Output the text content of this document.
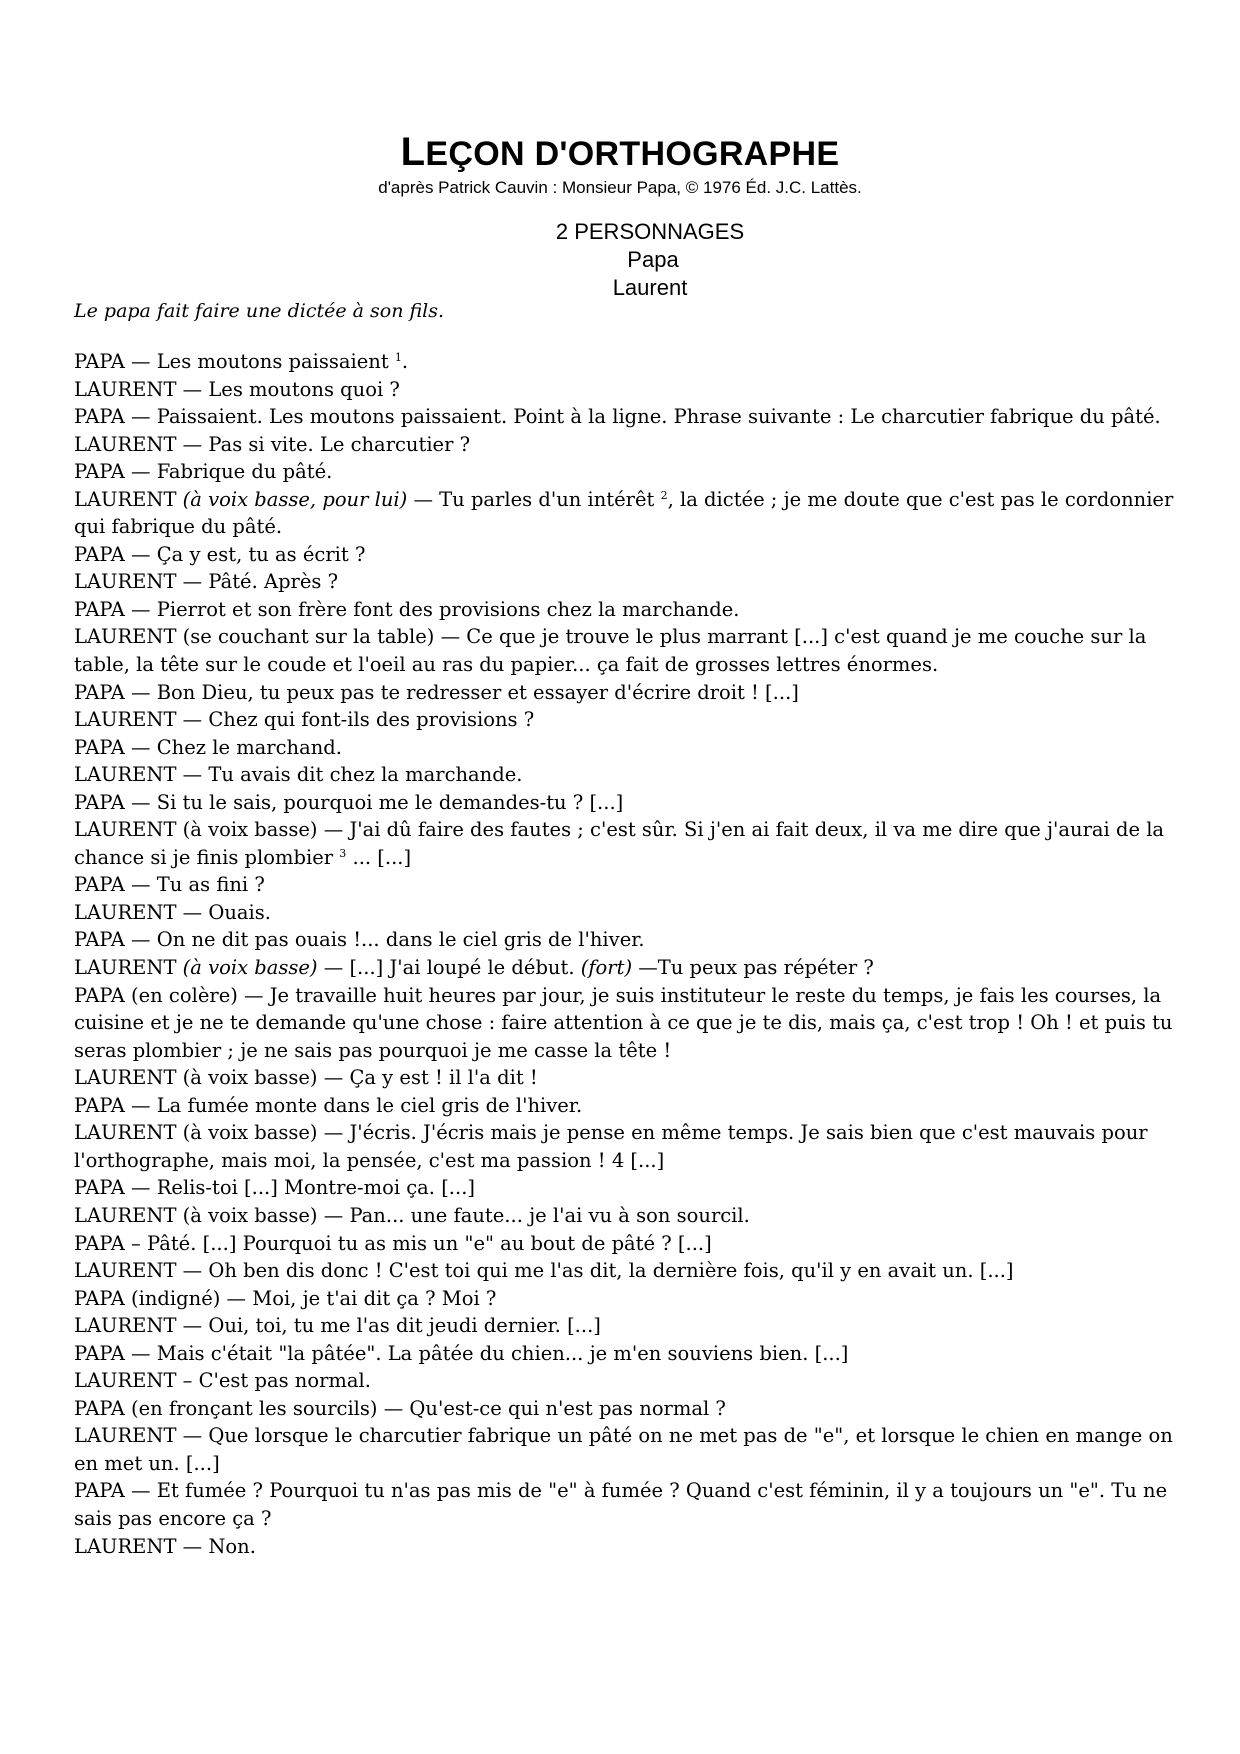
LEÇON D'ORTHOGRAPHE
d'après Patrick Cauvin : Monsieur Papa, © 1976 Éd. J.C. Lattès.
2 PERSONNAGES
Papa
Laurent
Le papa fait faire une dictée à son fils.

PAPA — Les moutons paissaient $^1$.

LAURENT — Les moutons quoi ?

PAPA — Paissaient. Les moutons paissaient. Point à la ligne. Phrase suivante : Le charcutier fabrique du pâté.

LAURENT — Pas si vite. Le charcutier ?

PAPA — Fabrique du pâté.

LAURENT (à voix basse, pour lui) — Tu parles d'un intérêt $^2$, la dictée ; je me doute que c'est pas le cordonnier qui fabrique du pâté.

PAPA — Ça y est, tu as écrit ?

LAURENT — Pâté. Après ?

PAPA — Pierrot et son frère font des provisions chez la marchande.

LAURENT (se couchant sur la table) — Ce que je trouve le plus marrant [...] c'est quand je me couche sur la table, la tête sur le coude et l'oeil au ras du papier... ça fait de grosses lettres énormes.

PAPA — Bon Dieu, tu peux pas te redresser et essayer d'écrire droit ! [...]

LAURENT — Chez qui font-ils des provisions ?

PAPA — Chez le marchand.

LAURENT — Tu avais dit chez la marchande.

PAPA — Si tu le sais, pourquoi me le demandes-tu ? [...]

LAURENT (à voix basse) — J'ai dû faire des fautes ; c'est sûr. Si j'en ai fait deux, il va me dire que j'aurai de la chance si je finis plombier $^3$ ... [...]

PAPA — Tu as fini ?

LAURENT — Ouais.

PAPA — On ne dit pas ouais !... dans le ciel gris de l'hiver.

LAURENT (à voix basse) — [...] J'ai loupé le début. (fort) —Tu peux pas répéter ?

PAPA (en colère) — Je travaille huit heures par jour, je suis instituteur le reste du temps, je fais les courses, la cuisine et je ne te demande qu'une chose : faire attention à ce que je te dis, mais ça, c'est trop ! Oh ! et puis tu seras plombier ; je ne sais pas pourquoi je me casse la tête !

LAURENT (à voix basse) — Ça y est ! il l'a dit !

PAPA — La fumée monte dans le ciel gris de l'hiver.

LAURENT (à voix basse) — J'écris. J'écris mais je pense en même temps. Je sais bien que c'est mauvais pour l'orthographe, mais moi, la pensée, c'est ma passion ! 4 [...]

PAPA — Relis-toi [...] Montre-moi ça. [...]

LAURENT (à voix basse) — Pan... une faute... je l'ai vu à son sourcil.

PAPA – Pâté. [...] Pourquoi tu as mis un "e" au bout de pâté ? [...]

LAURENT — Oh ben dis donc ! C'est toi qui me l'as dit, la dernière fois, qu'il y en avait un. [...]

PAPA (indigné) — Moi, je t'ai dit ça ? Moi ?

LAURENT — Oui, toi, tu me l'as dit jeudi dernier. [...]

PAPA — Mais c'était "la pâtée". La pâtée du chien... je m'en souviens bien. [...]

LAURENT – C'est pas normal.

PAPA (en fronçant les sourcils) — Qu'est-ce qui n'est pas normal ?

LAURENT — Que lorsque le charcutier fabrique un pâté on ne met pas de "e", et lorsque le chien en mange on en met un. [...]

PAPA — Et fumée ? Pourquoi tu n'as pas mis de "e" à fumée ? Quand c'est féminin, il y a toujours un "e". Tu ne sais pas encore ça ?

LAURENT — Non.
